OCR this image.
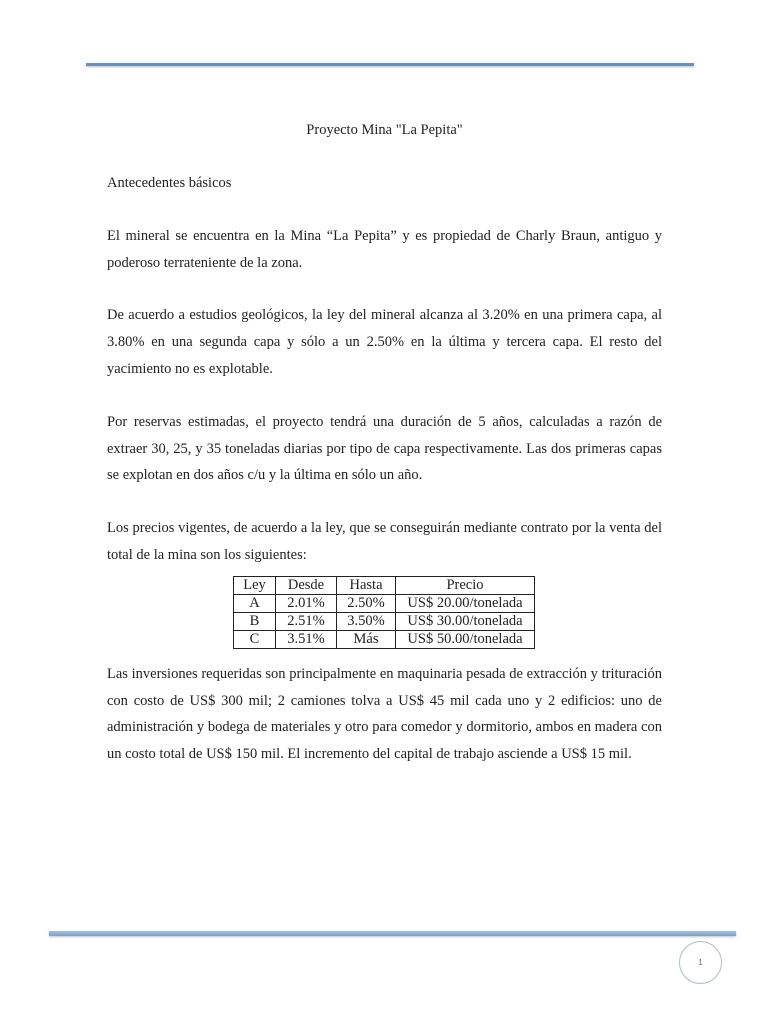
Proyecto Mina "La Pepita"

Antecedentes básicos

El mineral se encuentra en la Mina “La Pepita” y es propiedad de Charly Braun, antiguo y poderoso terrateniente de la zona.

De acuerdo a estudios geológicos, la ley del mineral alcanza al 3.20% en una primera capa, al 3.80% en una segunda capa y sólo a un 2.50% en la última y tercera capa. El resto del yacimiento no es explotable.

Por reservas estimadas, el proyecto tendrá una duración de 5 años, calculadas a razón de extraer 30, 25, y 35 toneladas diarias por tipo de capa respectivamente. Las dos primeras capas se explotan en dos años c/u y la última en sólo un año.

Los precios vigentes, de acuerdo a la ley, que se conseguirán mediante contrato por la venta del total de la mina son los siguientes:

Ley	Desde	Hasta	Precio
A	2.01%	2.50%	US$ 20.00/tonelada
B	2.51%	3.50%	US$ 30.00/tonelada
C	3.51%	Más	US$ 50.00/tonelada

Las inversiones requeridas son principalmente en maquinaria pesada de extracción y trituración con costo de US$ 300 mil; 2 camiones tolva a US$ 45 mil cada uno y 2 edificios: uno de administración y bodega de materiales y otro para comedor y dormitorio, ambos en madera con un costo total de US$ 150 mil. El incremento del capital de trabajo asciende a US$ 15 mil.

1
